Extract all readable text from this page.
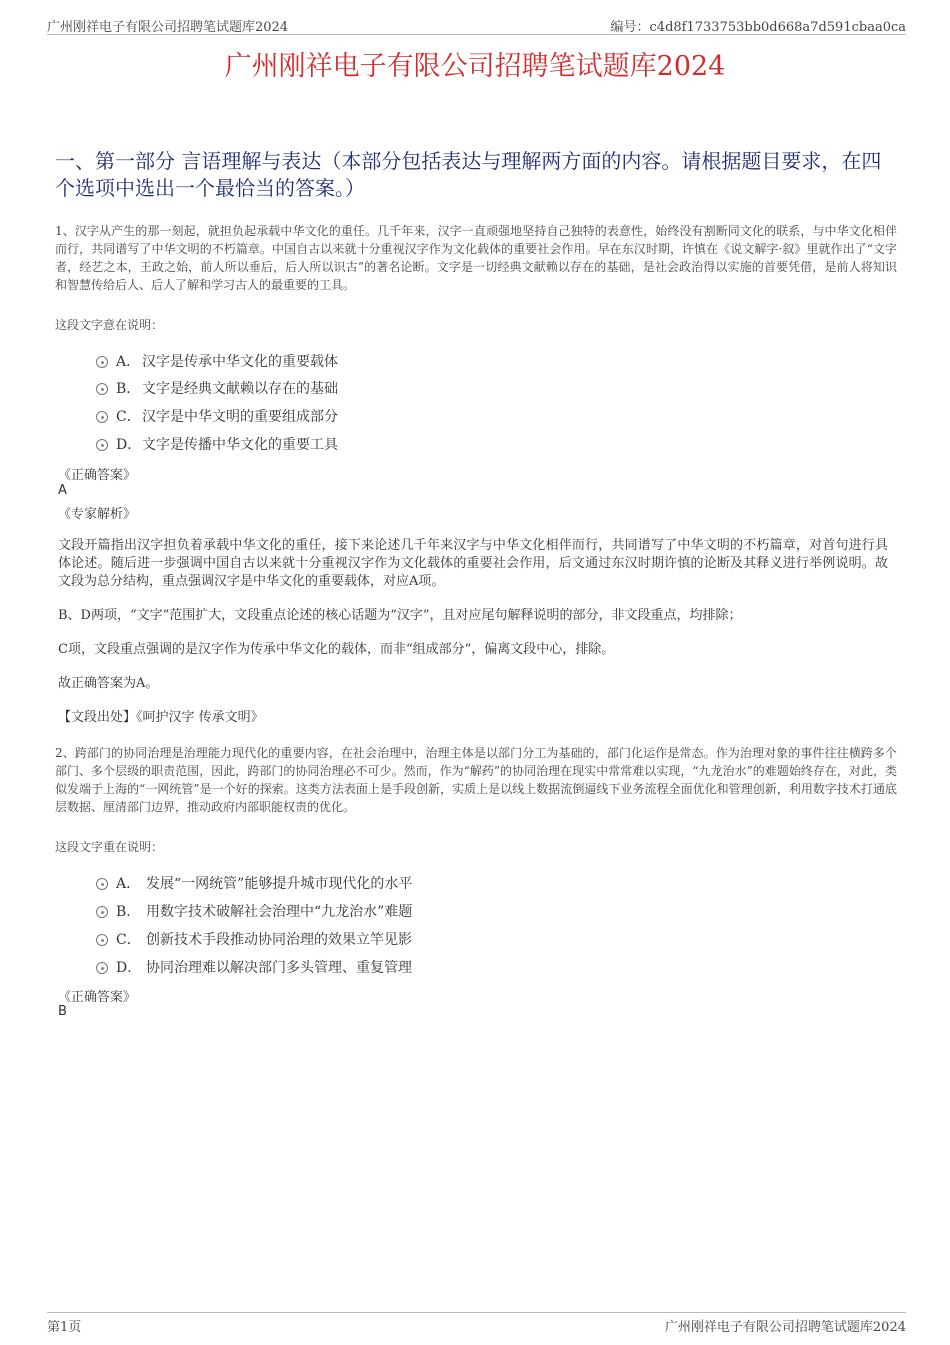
广州刚祥电子有限公司招聘笔试题库2024	编号：c4d8f1733753bb0d668a7d591cbaa0ca
广州刚祥电子有限公司招聘笔试题库2024
一、第一部分 言语理解与表达（本部分包括表达与理解两方面的内容。请根据题目要求，在四个选项中选出一个最恰当的答案。）
1、汉字从产生的那一刻起，就担负起承载中华文化的重任。几千年来，汉字一直顽强地坚持自己独特的表意性，始终没有割断同文化的联系，与中华文化相伴而行，共同谱写了中华文明的不朽篇章。中国自古以来就十分重视汉字作为文化载体的重要社会作用。早在东汉时期，许慎在《说文解字·叙》里就作出了“文字者，经艺之本，王政之始，前人所以垂后，后人所以识古”的著名论断。文字是一切经典文献赖以存在的基础，是社会政治得以实施的首要凭借，是前人将知识和智慧传给后人、后人了解和学习古人的最重要的工具。
这段文字意在说明：
A． 汉字是传承中华文化的重要载体
B． 文字是经典文献赖以存在的基础
C．汉字是中华文明的重要组成部分
D．文字是传播中华文化的重要工具
《正确答案》
A
《专家解析》
文段开篇指出汉字担负着承载中华文化的重任，接下来论述几千年来汉字与中华文化相伴而行，共同谱写了中华文明的不朽篇章，对首句进行具体论述。随后进一步强调中国自古以来就十分重视汉字作为文化载体的重要社会作用，后文通过东汉时期许慎的论断及其释义进行举例说明。故文段为总分结构，重点强调汉字是中华文化的重要载体，对应A项。
B、D两项，“文字”范围扩大，文段重点论述的核心话题为“汉字”，且对应尾句解释说明的部分，非文段重点，均排除；
C项，文段重点强调的是汉字作为传承中华文化的载体，而非“组成部分”，偏离文段中心，排除。
故正确答案为A。
【文段出处】《呵护汉字 传承文明》
2、跨部门的协同治理是治理能力现代化的重要内容，在社会治理中，治理主体是以部门分工为基础的，部门化运作是常态。作为治理对象的事件往往横跨多个部门、多个层级的职责范围，因此，跨部门的协同治理必不可少。然而，作为“解药”的协同治理在现实中常常难以实现，“九龙治水”的难题始终存在，对此，类似发端于上海的“一网统管”是一个好的探索。这类方法表面上是手段创新，实质上是以线上数据流倒逼线下业务流程全面优化和管理创新，利用数字技术打通底层数据、厘清部门边界，推动政府内部职能权责的优化。
这段文字重在说明：
A． 发展“一网统管”能够提升城市现代化的水平
B． 用数字技术破解社会治理中“九龙治水”难题
C． 创新技术手段推动协同治理的效果立竿见影
D． 协同治理难以解决部门多头管理、重复管理
《正确答案》
B
第1页	广州刚祥电子有限公司招聘笔试题库2024
